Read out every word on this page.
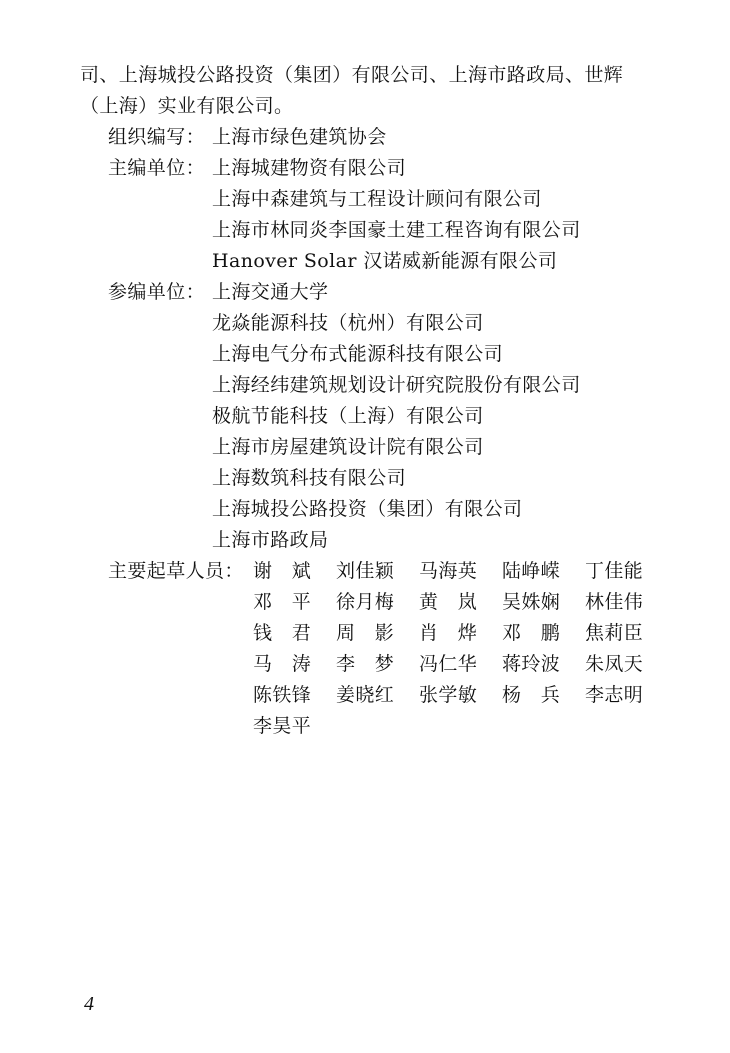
司、上海城投公路投资（集团）有限公司、上海市路政局、世辉
（上海）实业有限公司。
组织编写： 上海市绿色建筑协会
主编单位： 上海城建物资有限公司
上海中森建筑与工程设计顾问有限公司
上海市林同炎李国豪土建工程咨询有限公司
Hanover Solar 汉诺威新能源有限公司
参编单位： 上海交通大学
龙焱能源科技（杭州）有限公司
上海电气分布式能源科技有限公司
上海经纬建筑规划设计研究院股份有限公司
极航节能科技（上海）有限公司
上海市房屋建筑设计院有限公司
上海数筑科技有限公司
上海城投公路投资（集团）有限公司
上海市路政局
主要起草人员： 谢　斌 刘佳颖 马海英 陆峥嵘 丁佳能
邓　平 徐月梅 黄　岚 吴姝娴 林佳伟
钱　君 周　影 肖　烨 邓　鹏 焦莉臣
马　涛 李　梦 冯仁华 蒋玲波 朱凤天
陈铁锋 姜晓红 张学敏 杨　兵 李志明
李昊平
4
